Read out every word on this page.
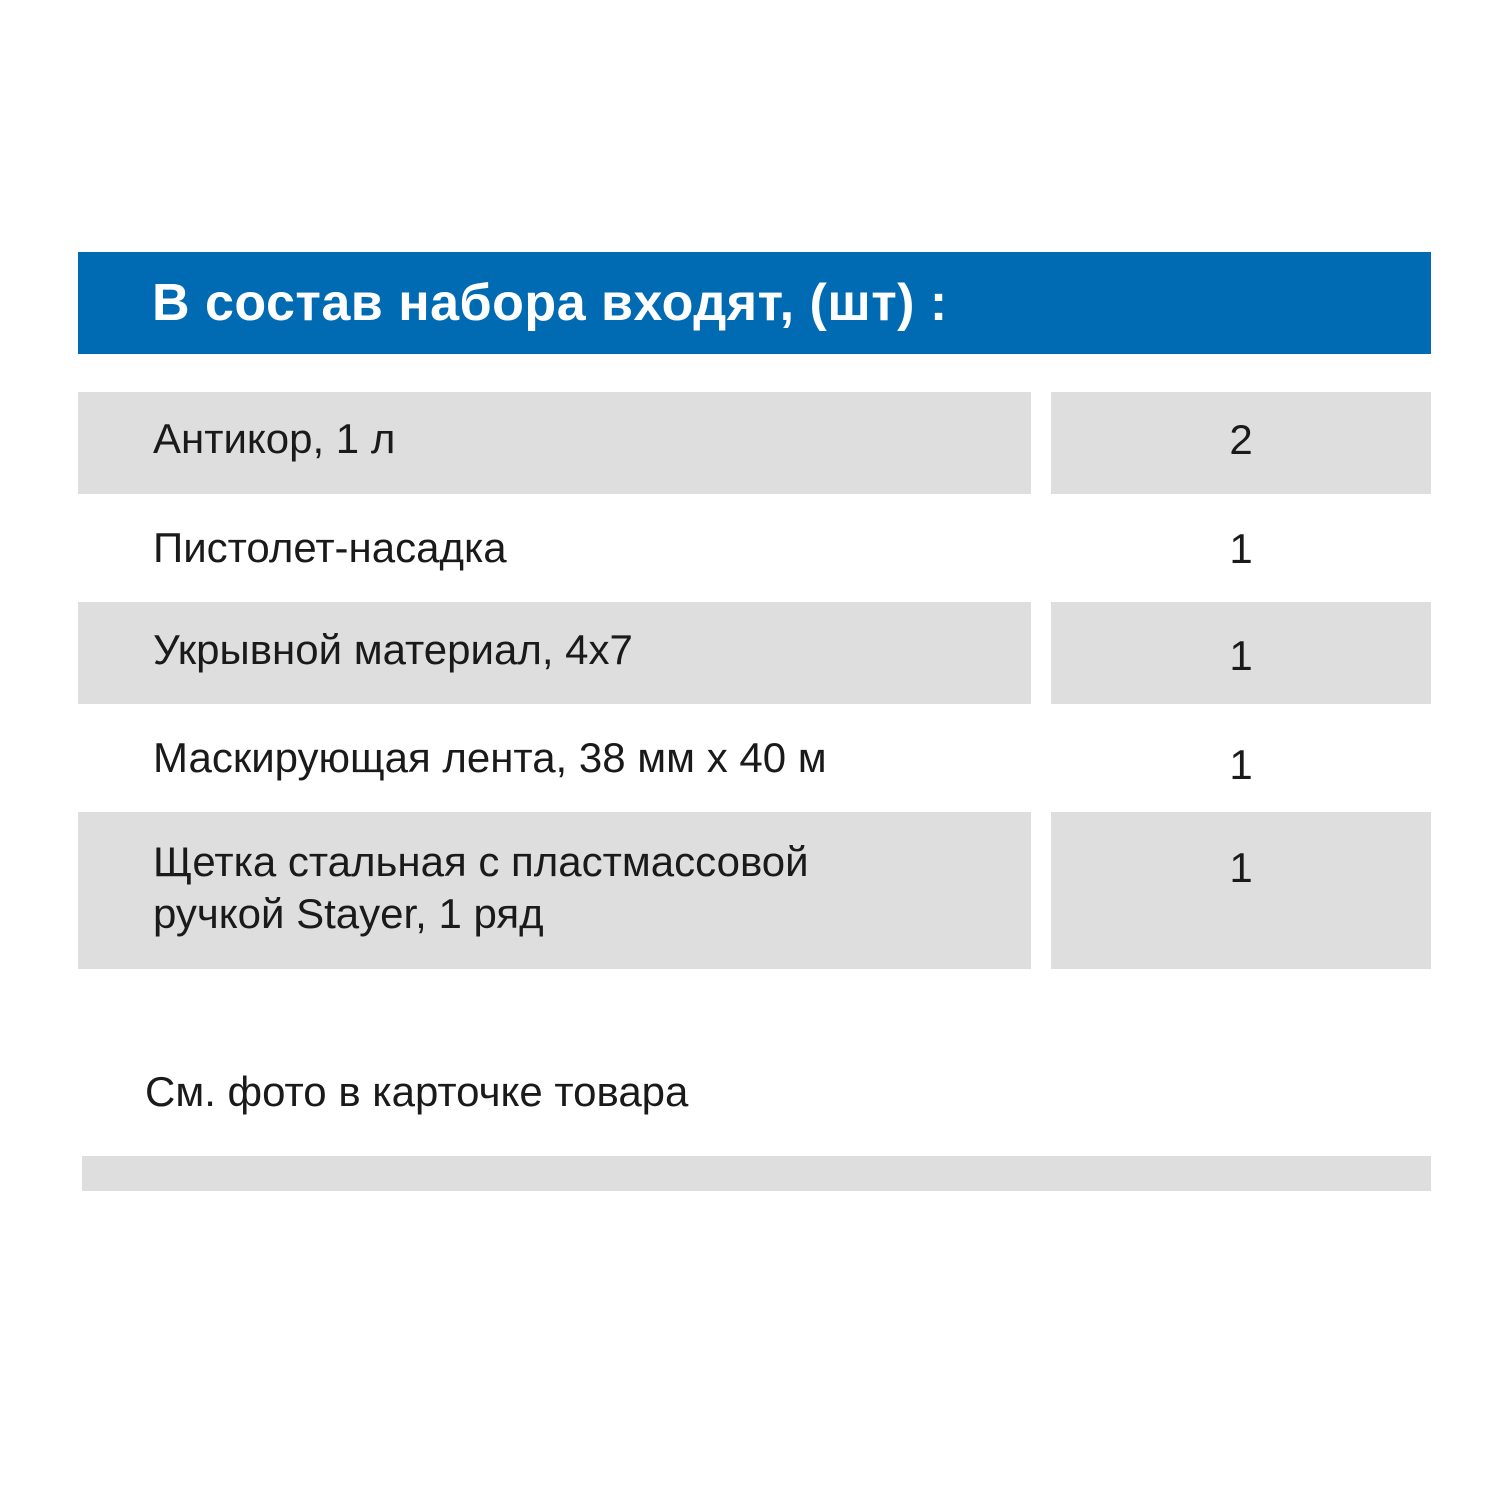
В состав набора входят, (шт) :
Антикор, 1 л	2
Пистолет-насадка	1
Укрывной материал, 4х7	1
Маскирующая лента, 38 мм х 40 м	1
Щетка стальная с пластмассовой
ручкой Stayer, 1 ряд
1
См. фото в карточке товара
